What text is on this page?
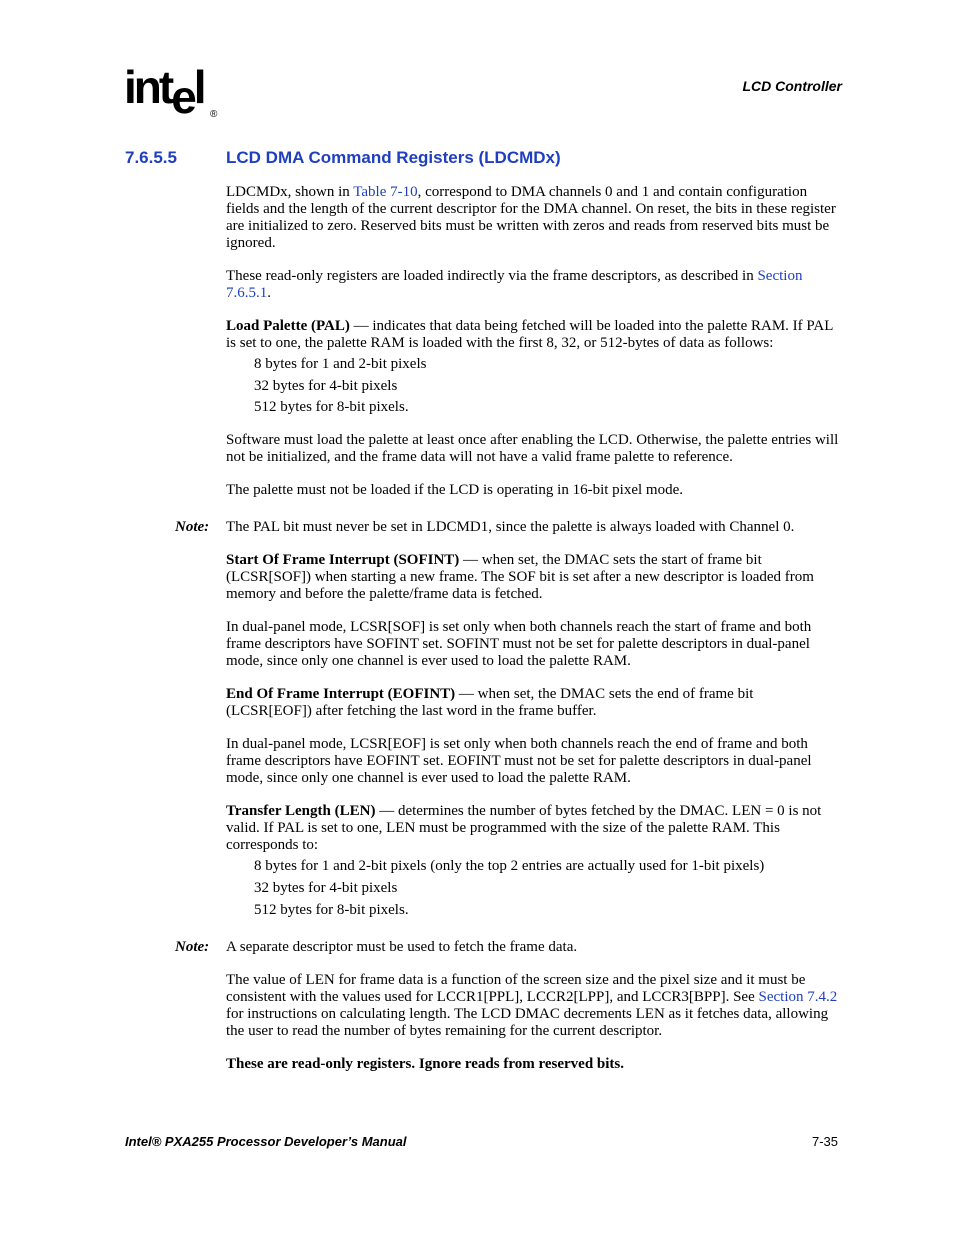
intel
®
LCD Controller
7.6.5.5	LCD DMA Command Registers (LDCMDx)

LDCMDx, shown in Table 7-10, correspond to DMA channels 0 and 1 and contain configuration fields and the length of the current descriptor for the DMA channel. On reset, the bits in these register are initialized to zero. Reserved bits must be written with zeros and reads from reserved bits must be ignored.

These read-only registers are loaded indirectly via the frame descriptors, as described in Section 7.6.5.1.

Load Palette (PAL) — indicates that data being fetched will be loaded into the palette RAM. If PAL is set to one, the palette RAM is loaded with the first 8, 32, or 512-bytes of data as follows:

8 bytes for 1 and 2-bit pixels
32 bytes for 4-bit pixels
512 bytes for 8-bit pixels.

Software must load the palette at least once after enabling the LCD. Otherwise, the palette entries will not be initialized, and the frame data will not have a valid frame palette to reference.

The palette must not be loaded if the LCD is operating in 16-bit pixel mode.

Note: The PAL bit must never be set in LDCMD1, since the palette is always loaded with Channel 0.

Start Of Frame Interrupt (SOFINT) — when set, the DMAC sets the start of frame bit (LCSR[SOF]) when starting a new frame. The SOF bit is set after a new descriptor is loaded from memory and before the palette/frame data is fetched.

In dual-panel mode, LCSR[SOF] is set only when both channels reach the start of frame and both frame descriptors have SOFINT set. SOFINT must not be set for palette descriptors in dual-panel mode, since only one channel is ever used to load the palette RAM.

End Of Frame Interrupt (EOFINT) — when set, the DMAC sets the end of frame bit (LCSR[EOF]) after fetching the last word in the frame buffer.

In dual-panel mode, LCSR[EOF] is set only when both channels reach the end of frame and both frame descriptors have EOFINT set. EOFINT must not be set for palette descriptors in dual-panel mode, since only one channel is ever used to load the palette RAM.

Transfer Length (LEN) — determines the number of bytes fetched by the DMAC. LEN = 0 is not valid. If PAL is set to one, LEN must be programmed with the size of the palette RAM. This corresponds to:

8 bytes for 1 and 2-bit pixels (only the top 2 entries are actually used for 1-bit pixels)
32 bytes for 4-bit pixels
512 bytes for 8-bit pixels.

Note: A separate descriptor must be used to fetch the frame data.

The value of LEN for frame data is a function of the screen size and the pixel size and it must be consistent with the values used for LCCR1[PPL], LCCR2[LPP], and LCCR3[BPP]. See Section 7.4.2 for instructions on calculating length. The LCD DMAC decrements LEN as it fetches data, allowing the user to read the number of bytes remaining for the current descriptor.

These are read-only registers. Ignore reads from reserved bits.

Intel® PXA255 Processor Developer’s Manual	7-35
